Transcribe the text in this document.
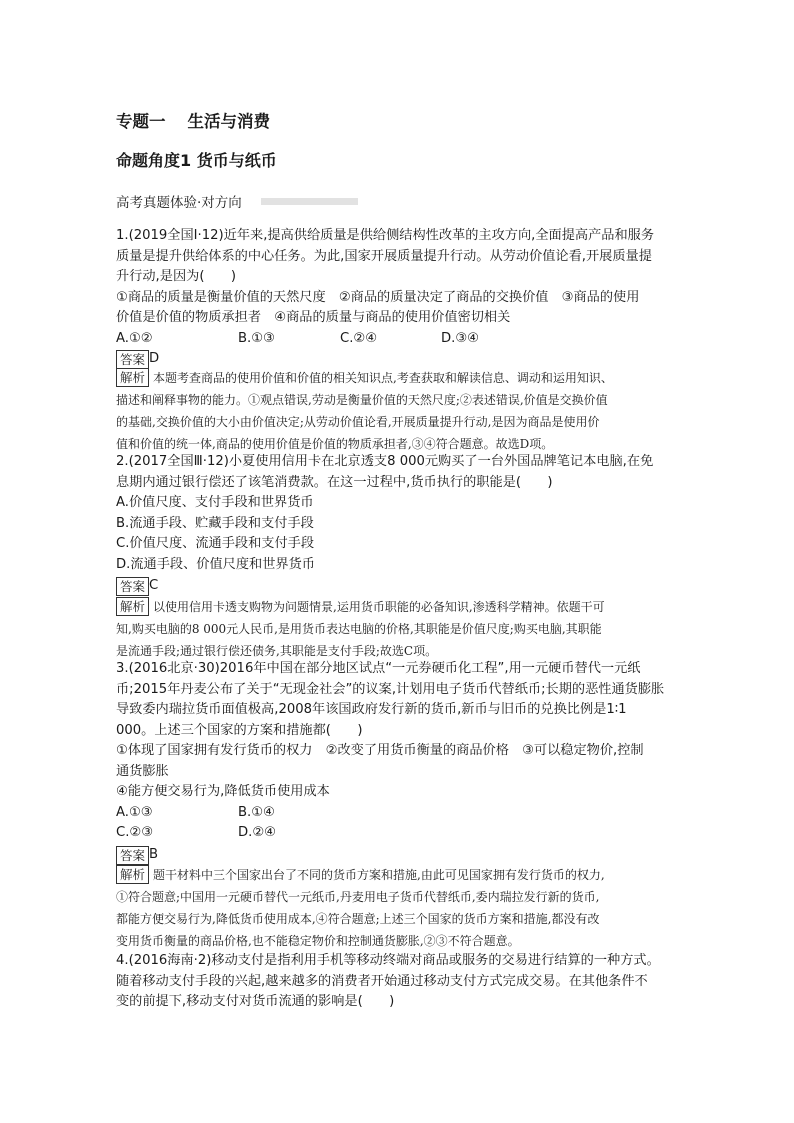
专题一 生活与消费
命题角度1 货币与纸币
高考真题体验·对方向

1.(2019全国Ⅰ·12)近年来,提高供给质量是供给侧结构性改革的主攻方向,全面提高产品和服务

质量是提升供给体系的中心任务。为此,国家开展质量提升行动。从劳动价值论看,开展质量提

升行动,是因为(　　)

①商品的质量是衡量价值的天然尺度　②商品的质量决定了商品的交换价值　③商品的使用

价值是价值的物质承担者　④商品的质量与商品的使用价值密切相关

A.①②	B.①③	C.②④	D.③④
答案 D

解析 本题考查商品的使用价值和价值的相关知识点,考查获取和解读信息、调动和运用知识、

描述和阐释事物的能力。①观点错误,劳动是衡量价值的天然尺度;②表述错误,价值是交换价值

的基础,交换价值的大小由价值决定;从劳动价值论看,开展质量提升行动,是因为商品是使用价

值和价值的统一体,商品的使用价值是价值的物质承担者,③④符合题意。故选D项。

2.(2017全国Ⅲ·12)小夏使用信用卡在北京透支8 000元购买了一台外国品牌笔记本电脑,在免

息期内通过银行偿还了该笔消费款。在这一过程中,货币执行的职能是(　　)

A.价值尺度、支付手段和世界货币

B.流通手段、贮藏手段和支付手段

C.价值尺度、流通手段和支付手段

D.流通手段、价值尺度和世界货币

答案 C

解析 以使用信用卡透支购物为问题情景,运用货币职能的必备知识,渗透科学精神。依题干可

知,购买电脑的8 000元人民币,是用货币表达电脑的价格,其职能是价值尺度;购买电脑,其职能

是流通手段;通过银行偿还债务,其职能是支付手段;故选C项。

3.(2016北京·30)2016年中国在部分地区试点“一元券硬币化工程”,用一元硬币替代一元纸

币;2015年丹麦公布了关于“无现金社会”的议案,计划用电子货币代替纸币;长期的恶性通货膨胀

导致委内瑞拉货币面值极高,2008年该国政府发行新的货币,新币与旧币的兑换比例是1∶1

000。上述三个国家的方案和措施都(　　)

①体现了国家拥有发行货币的权力　②改变了用货币衡量的商品价格　③可以稳定物价,控制

通货膨胀

④能方便交易行为,降低货币使用成本

A.①③	B.①④
C.②③	D.②④
答案 B

解析 题干材料中三个国家出台了不同的货币方案和措施,由此可见国家拥有发行货币的权力,

①符合题意;中国用一元硬币替代一元纸币,丹麦用电子货币代替纸币,委内瑞拉发行新的货币,

都能方便交易行为,降低货币使用成本,④符合题意;上述三个国家的货币方案和措施,都没有改

变用货币衡量的商品价格,也不能稳定物价和控制通货膨胀,②③不符合题意。

4.(2016海南·2)移动支付是指利用手机等移动终端对商品或服务的交易进行结算的一种方式。

随着移动支付手段的兴起,越来越多的消费者开始通过移动支付方式完成交易。在其他条件不

变的前提下,移动支付对货币流通的影响是(　　)
